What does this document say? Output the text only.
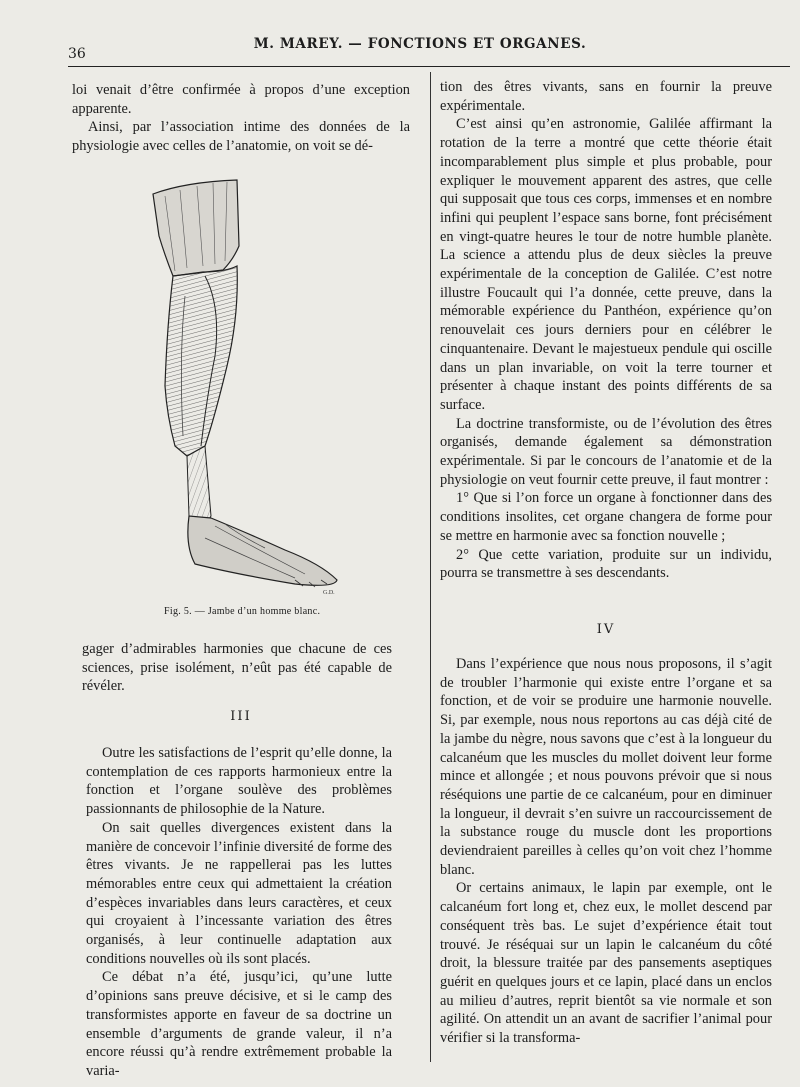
36
M. MAREY. — FONCTIONS ET ORGANES.

loi venait d’être confirmée à propos d’une exception apparente.

Ainsi, par l’association intime des données de la physiologie avec celles de l’anatomie, on voit se dé-

G.D.
Fig. 5. — Jambe d’un homme blanc.

gager d’admirables harmonies que chacune de ces sciences, prise isolément, n’eût pas été capable de révéler.

III

Outre les satisfactions de l’esprit qu’elle donne, la contemplation de ces rapports harmonieux entre la fonction et l’organe soulève des problèmes passionnants de philosophie de la Nature.

On sait quelles divergences existent dans la manière de concevoir l’infinie diversité de forme des êtres vivants. Je ne rappellerai pas les luttes mémorables entre ceux qui admettaient la création d’espèces invariables dans leurs caractères, et ceux qui croyaient à l’incessante variation des êtres organisés, à leur continuelle adaptation aux conditions nouvelles où ils sont placés.

Ce débat n’a été, jusqu’ici, qu’une lutte d’opinions sans preuve décisive, et si le camp des transformistes apporte en faveur de sa doctrine un ensemble d’arguments de grande valeur, il n’a encore réussi qu’à rendre extrêmement probable la varia-

tion des êtres vivants, sans en fournir la preuve expérimentale.

C’est ainsi qu’en astronomie, Galilée affirmant la rotation de la terre a montré que cette théorie était incomparablement plus simple et plus probable, pour expliquer le mouvement apparent des astres, que celle qui supposait que tous ces corps, immenses et en nombre infini qui peuplent l’espace sans borne, font précisément en vingt-quatre heures le tour de notre humble planète. La science a attendu plus de deux siècles la preuve expérimentale de la conception de Galilée. C’est notre illustre Foucault qui l’a donnée, cette preuve, dans la mémorable expérience du Panthéon, expérience qu’on renouvelait ces jours derniers pour en célébrer le cinquantenaire. Devant le majestueux pendule qui oscille dans un plan invariable, on voit la terre tourner et présenter à chaque instant des points différents de sa surface.

La doctrine transformiste, ou de l’évolution des êtres organisés, demande également sa démonstration expérimentale. Si par le concours de l’anatomie et de la physiologie on veut fournir cette preuve, il faut montrer :

1° Que si l’on force un organe à fonctionner dans des conditions insolites, cet organe changera de forme pour se mettre en harmonie avec sa fonction nouvelle ;

2° Que cette variation, produite sur un individu, pourra se transmettre à ses descendants.

IV

Dans l’expérience que nous nous proposons, il s’agit de troubler l’harmonie qui existe entre l’organe et sa fonction, et de voir se produire une harmonie nouvelle. Si, par exemple, nous nous reportons au cas déjà cité de la jambe du nègre, nous savons que c’est à la longueur du calcanéum que les muscles du mollet doivent leur forme mince et allongée ; et nous pouvons prévoir que si nous réséquions une partie de ce calcanéum, pour en diminuer la longueur, il devrait s’en suivre un raccourcissement de la substance rouge du muscle dont les proportions deviendraient pareilles à celles qu’on voit chez l’homme blanc.

Or certains animaux, le lapin par exemple, ont le calcanéum fort long et, chez eux, le mollet descend par conséquent très bas. Le sujet d’expérience était tout trouvé. Je réséquai sur un lapin le calcanéum du côté droit, la blessure traitée par des pansements aseptiques guérit en quelques jours et ce lapin, placé dans un enclos au milieu d’autres, reprit bientôt sa vie normale et son agilité. On attendit un an avant de sacrifier l’animal pour vérifier si la transforma-
